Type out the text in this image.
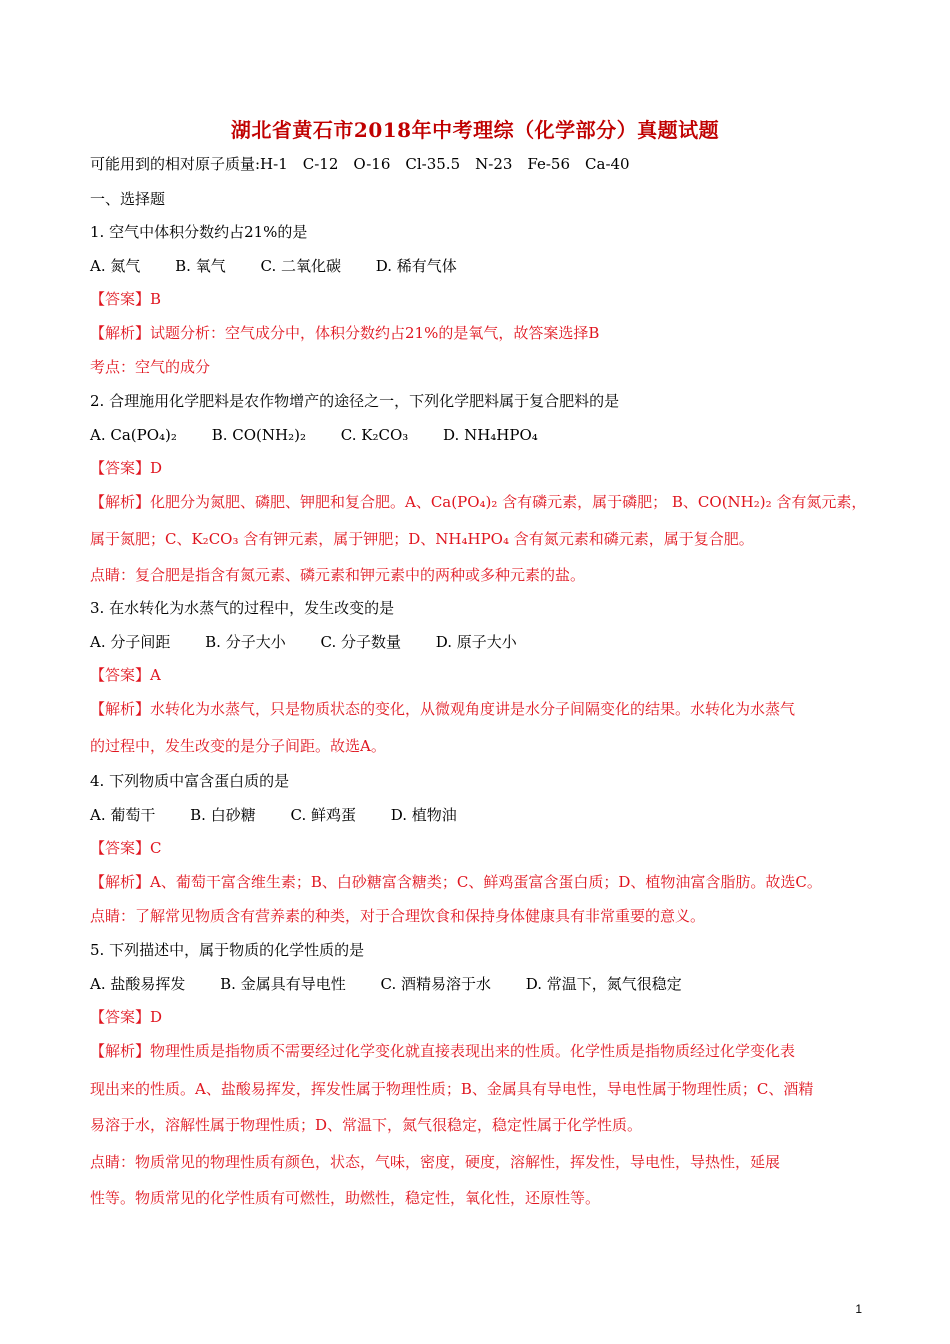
湖北省黄石市2018年中考理综（化学部分）真题试题
可能用到的相对原子质量:H-1　C-12　O-16　Cl-35.5　N-23　Fe-56　Ca-40
一、选择题
1. 空气中体积分数约占21%的是
A. 氮气 B. 氧气 C. 二氧化碳 D. 稀有气体
【答案】B
【解析】试题分析：空气成分中，体积分数约占21%的是氧气，故答案选择B
考点：空气的成分
2. 合理施用化学肥料是农作物增产的途径之一，下列化学肥料属于复合肥料的是
A. Ca(PO₄)₂ B. CO(NH₂)₂ C. K₂CO₃ D. NH₄HPO₄
【答案】D
【解析】化肥分为氮肥、磷肥、钾肥和复合肥。A、Ca(PO₄)₂ 含有磷元素，属于磷肥； B、CO(NH₂)₂ 含有氮元素，
属于氮肥；C、K₂CO₃ 含有钾元素，属于钾肥；D、NH₄HPO₄ 含有氮元素和磷元素，属于复合肥。
点睛：复合肥是指含有氮元素、磷元素和钾元素中的两种或多种元素的盐。
3. 在水转化为水蒸气的过程中，发生改变的是
A. 分子间距 B. 分子大小 C. 分子数量 D. 原子大小
【答案】A
【解析】水转化为水蒸气，只是物质状态的变化，从微观角度讲是水分子间隔变化的结果。水转化为水蒸气
的过程中，发生改变的是分子间距。故选A。
4. 下列物质中富含蛋白质的是
A. 葡萄干 B. 白砂糖 C. 鲜鸡蛋 D. 植物油
【答案】C
【解析】A、葡萄干富含维生素；B、白砂糖富含糖类；C、鲜鸡蛋富含蛋白质；D、植物油富含脂肪。故选C。
点睛：了解常见物质含有营养素的种类，对于合理饮食和保持身体健康具有非常重要的意义。
5. 下列描述中，属于物质的化学性质的是
A. 盐酸易挥发 B. 金属具有导电性 C. 酒精易溶于水 D. 常温下，氮气很稳定
【答案】D
【解析】物理性质是指物质不需要经过化学变化就直接表现出来的性质。化学性质是指物质经过化学变化表
现出来的性质。A、盐酸易挥发，挥发性属于物理性质；B、金属具有导电性，导电性属于物理性质；C、酒精
易溶于水，溶解性属于物理性质；D、常温下，氮气很稳定，稳定性属于化学性质。
点睛：物质常见的物理性质有颜色，状态，气味，密度，硬度，溶解性，挥发性，导电性，导热性，延展
性等。物质常见的化学性质有可燃性，助燃性，稳定性，氧化性，还原性等。
1
